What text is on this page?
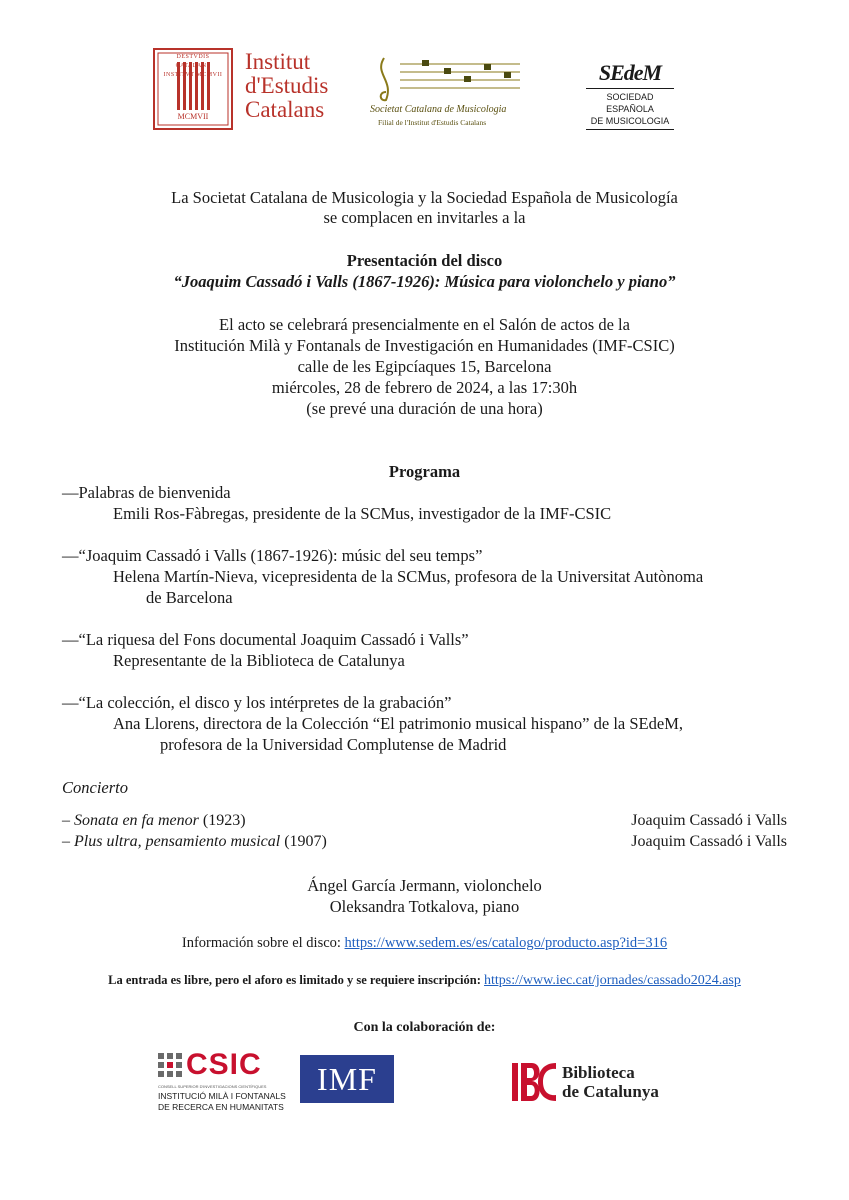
DESTVDIS CATALANS INSTITVT MCMVII
MCMVII
Institut
d'Estudis
Catalans	Societat Catalana de Musicologia
Filial de l'Institut d'Estudis Catalans
SEdeM
SOCIEDAD ESPAÑOLA
DE MUSICOLOGIA
La Societat Catalana de Musicologia y la Sociedad Española de Musicología
se complacen en invitarles a la
Presentación del disco
“Joaquim Cassadó i Valls (1867-1926): Música para violonchelo y piano”
El acto se celebrará presencialmente en el Salón de actos de la
Institución Milà y Fontanals de Investigación en Humanidades (IMF-CSIC)
calle de les Egipcíaques 15, Barcelona
miércoles, 28 de febrero de 2024, a las 17:30h
(se prevé una duración de una hora)
Programa
—Palabras de bienvenida
Emili Ros-Fàbregas, presidente de la SCMus, investigador de la IMF-CSIC
—“Joaquim Cassadó i Valls (1867-1926): músic del seu temps”
Helena Martín-Nieva, vicepresidenta de la SCMus, profesora de la Universitat Autònoma
de Barcelona
—“La riquesa del Fons documental Joaquim Cassadó i Valls”
Representante de la Biblioteca de Catalunya
—“La colección, el disco y los intérpretes de la grabación”
Ana Llorens, directora de la Colección “El patrimonio musical hispano” de la SEdeM,
profesora de la Universidad Complutense de Madrid
Concierto
– Sonata en fa menor (1923)	Joaquim Cassadó i Valls
– Plus ultra, pensamiento musical (1907)	Joaquim Cassadó i Valls
Ángel García Jermann, violonchelo
Oleksandra Totkalova, piano
Información sobre el disco: https://www.sedem.es/es/catalogo/producto.asp?id=316
La entrada es libre, pero el aforo es limitado y se requiere inscripción: https://www.iec.cat/jornades/cassado2024.asp
Con la colaboración de:
CSIC
CONSELL SUPERIOR D'INVESTIGACIONS CIENTÍFIQUES
INSTITUCIÓ MILÀ I FONTANALS
DE RECERCA EN HUMANITATS
IMF	Biblioteca
de Catalunya
